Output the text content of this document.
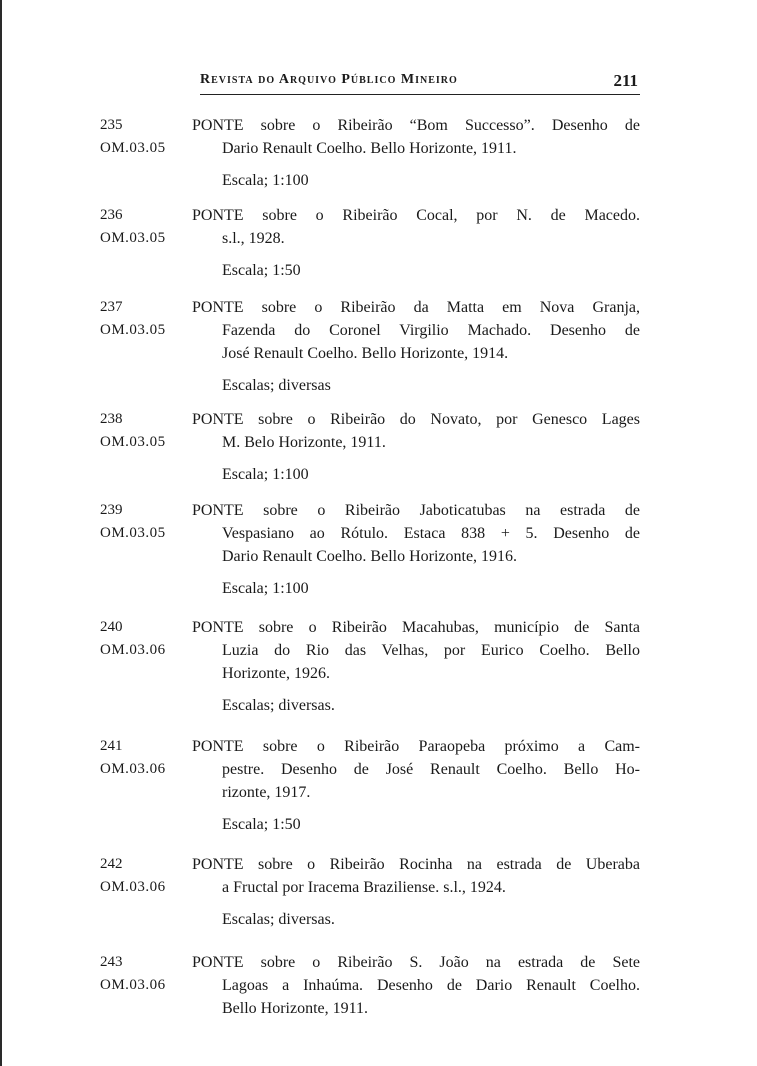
Revista do Arquivo Público Mineiro	211
235
OM.03.05
PONTE sobre o Ribeirão “Bom Successo”. Desenho de
Dario Renault Coelho. Bello Horizonte, 1911.
Escala; 1:100
236
OM.03.05
PONTE sobre o Ribeirão Cocal, por N. de Macedo.
s.l., 1928.
Escala; 1:50
237
OM.03.05
PONTE sobre o Ribeirão da Matta em Nova Granja,
Fazenda do Coronel Virgilio Machado. Desenho de
José Renault Coelho. Bello Horizonte, 1914.
Escalas; diversas
238
OM.03.05
PONTE sobre o Ribeirão do Novato, por Genesco Lages
M. Belo Horizonte, 1911.
Escala; 1:100
239
OM.03.05
PONTE sobre o Ribeirão Jaboticatubas na estrada de
Vespasiano ao Rótulo. Estaca 838 + 5. Desenho de
Dario Renault Coelho. Bello Horizonte, 1916.
Escala; 1:100
240
OM.03.06
PONTE sobre o Ribeirão Macahubas, município de Santa
Luzia do Rio das Velhas, por Eurico Coelho. Bello
Horizonte, 1926.
Escalas; diversas.
241
OM.03.06
PONTE sobre o Ribeirão Paraopeba próximo a Cam-
pestre. Desenho de José Renault Coelho. Bello Ho-
rizonte, 1917.
Escala; 1:50
242
OM.03.06
PONTE sobre o Ribeirão Rocinha na estrada de Uberaba
a Fructal por Iracema Braziliense. s.l., 1924.
Escalas; diversas.
243
OM.03.06
PONTE sobre o Ribeirão S. João na estrada de Sete
Lagoas a Inhaúma. Desenho de Dario Renault Coelho.
Bello Horizonte, 1911.
